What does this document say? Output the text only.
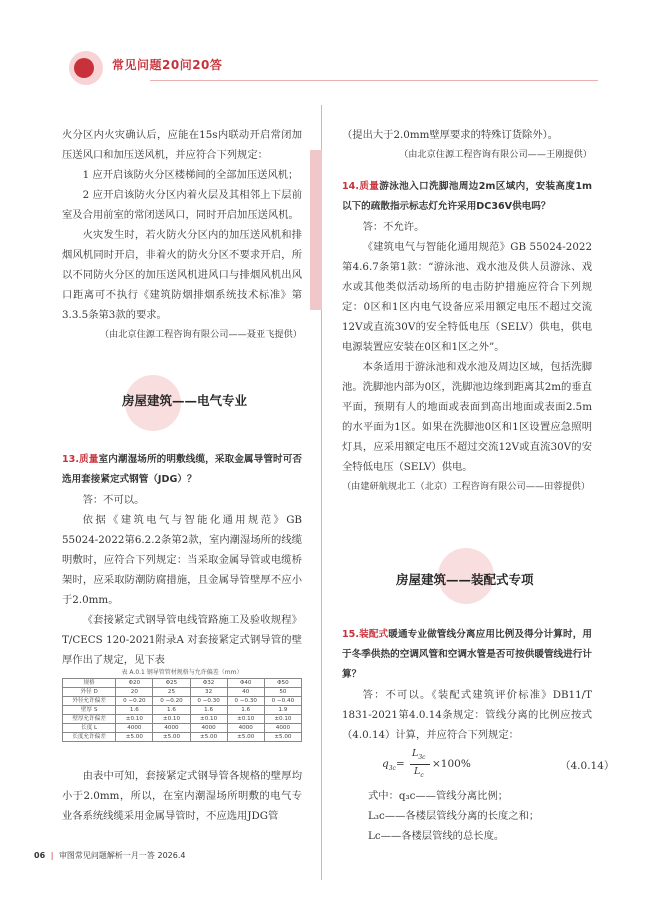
常见问题20问20答

火分区内火灾确认后，应能在15s内联动开启常闭加压送风口和加压送风机，并应符合下列规定：

1 应开启该防火分区楼梯间的全部加压送风机；

2 应开启该防火分区内着火层及其相邻上下层前室及合用前室的常闭送风口，同时开启加压送风机。

火灾发生时，若火防火分区内的加压送风机和排烟风机同时开启，非着火的防火分区不要求开启，所以不同防火分区的加压送风机进风口与排烟风机出风口距离可不执行《建筑防烟排烟系统技术标准》第3.3.5条第3款的要求。

（由北京住源工程咨询有限公司——聂亚飞提供）

房屋建筑——电气专业

13.质量室内潮湿场所的明敷线缆，采取金属导管时可否选用套接紧定式钢管（JDG）？

答：不可以。

依据《建筑电气与智能化通用规范》GB 55024-2022第6.2.2条第2款，室内潮湿场所的线缆明敷时，应符合下列规定：当采取金属导管或电缆桥架时，应采取防潮防腐措施，且金属导管壁厚不应小于2.0mm。

《套接紧定式钢导管电线管路施工及验收规程》T/CECS 120-2021附录A 对套接紧定式钢导管的壁厚作出了规定，见下表

表 A.0.1 钢导管管材规格与允许偏差（mm）
规格	Φ20	Φ25	Φ32	Φ40	Φ50
外径 D	20	25	32	40	50
外径允许偏差	0 −0.20	0 −0.20	0 −0.30	0 −0.30	0 −0.40
壁厚 S	1.6	1.6	1.6	1.6	1.9
壁厚允许偏差	±0.10	±0.10	±0.10	±0.10	±0.10
长度 L	4000	4000	4000	4000	4000
长度允许偏差	±5.00	±5.00	±5.00	±5.00	±5.00

由表中可知，套接紧定式钢导管各规格的壁厚均小于2.0mm，所以，在室内潮湿场所明敷的电气专业各系统线缆采用金属导管时，不应选用JDG管

（提出大于2.0mm壁厚要求的特殊订货除外）。

（由北京住源工程咨询有限公司——王刚提供）

14.质量游泳池入口洗脚池周边2m区域内，安装高度1m以下的疏散指示标志灯允许采用DC36V供电吗？

答：不允许。

《建筑电气与智能化通用规范》GB 55024-2022第4.6.7条第1款：“游泳池、戏水池及供人员游泳、戏水或其他类似活动场所的电击防护措施应符合下列规定：0区和1区内电气设备应采用额定电压不超过交流12V或直流30V的安全特低电压（SELV）供电，供电电源装置应安装在0区和1区之外”。

本条适用于游泳池和戏水池及周边区域，包括洗脚池。洗脚池内部为0区，洗脚池边缘到距离其2m的垂直平面，预期有人的地面或表面到高出地面或表面2.5m的水平面为1区。如果在洗脚池0区和1区设置应急照明灯具，应采用额定电压不超过交流12V或直流30V的安全特低电压（SELV）供电。

（由建研航规北工（北京）工程咨询有限公司——田蓉提供）

房屋建筑——装配式专项

15.装配式暖通专业做管线分离应用比例及得分计算时，用于冬季供热的空调风管和空调水管是否可按供暖管线进行计算？

答：不可以。《装配式建筑评价标准》DB11/T 1831-2021第4.0.14条规定：管线分离的比例应按式（4.0.14）计算，并应符合下列规定：

$q_{3c}=$
$L_{3c}$
$L_c$
×100%	（4.0.14）

式中：q₃c——管线分离比例；

L₃c——各楼层管线分离的长度之和；

Lc——各楼层管线的总长度。

06 | 审图常见问题解析一月一答 2026.4
